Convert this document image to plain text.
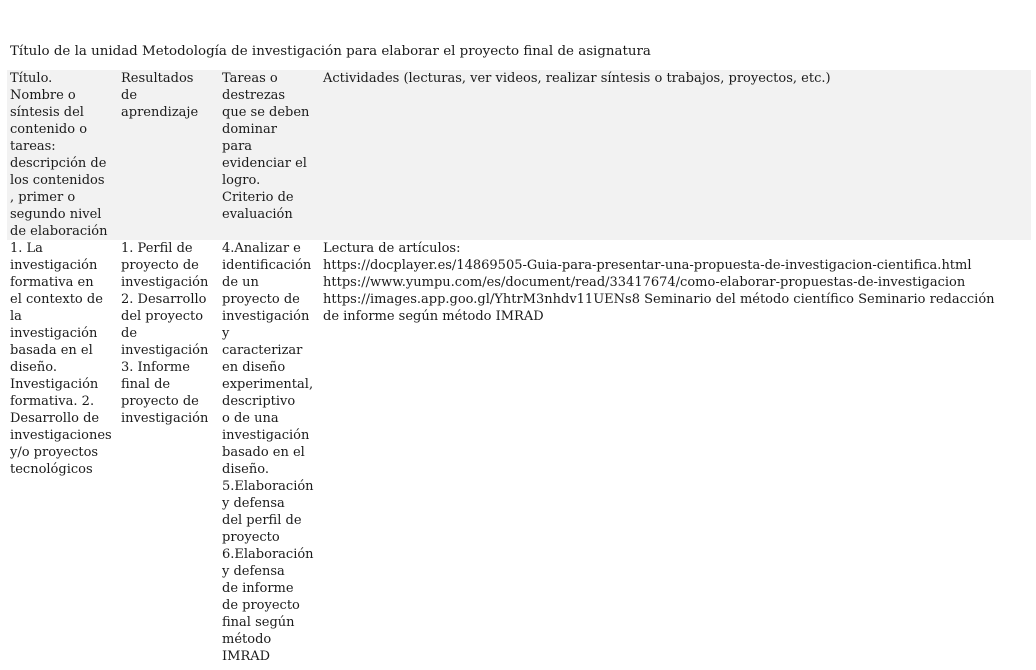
Título de la unidad Metodología de investigación para elaborar el proyecto final de asignatura
Título.
Nombre o
síntesis del
contenido o
tareas:
descripción de
los contenidos
, primer o
segundo nivel
de elaboración
Resultados
de
aprendizaje
Tareas o
destrezas
que se deben
dominar
para
evidenciar el
logro.
Criterio de
evaluación
Actividades (lecturas, ver videos, realizar síntesis o trabajos, proyectos, etc.)
1. La
investigación
formativa en
el contexto de
la
investigación
basada en el
diseño.
Investigación
formativa. 2.
Desarrollo de
investigaciones
y/o proyectos
tecnológicos
1. Perfil de
proyecto de
investigación
2. Desarrollo
del proyecto
de
investigación
3. Informe
final de
proyecto de
investigación
4.Analizar e
identificación
de un
proyecto de
investigación
y
caracterizar
en diseño
experimental,
descriptivo
o de una
investigación
basado en el
diseño.
5.Elaboración
y defensa
del perfil de
proyecto
6.Elaboración
y defensa
de informe
de proyecto
final según
método
IMRAD
Lectura de artículos:
https://docplayer.es/14869505-Guia-para-presentar-una-propuesta-de-investigacion-cientifica.html
https://www.yumpu.com/es/document/read/33417674/como-elaborar-propuestas-de-investigacion
https://images.app.goo.gl/YhtrM3nhdv11UENs8 Seminario del método científico Seminario redacción
de informe según método IMRAD
